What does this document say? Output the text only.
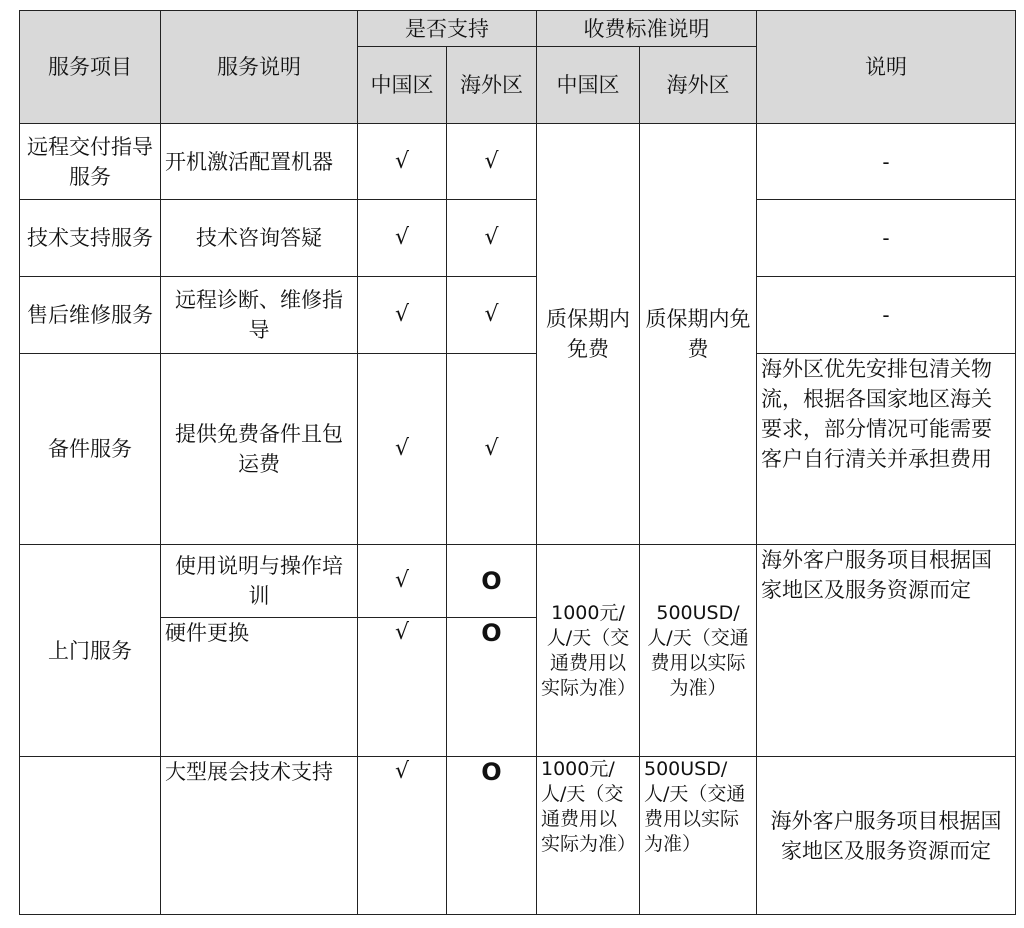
服务项目	服务说明	是否支持		收费标准说明		说明
		中国区	海外区	中国区	海外区	
远程交付指导服务	开机激活配置机器	√	√	质保期内免费	质保期内免费	-
技术支持服务	技术咨询答疑	√	√			-
售后维修服务	远程诊断、维修指导	√	√			-
备件服务	提供免费备件且包运费	√	√			海外区优先安排包清关物流，根据各国家地区海关要求，部分情况可能需要客户自行清关并承担费用
上门服务	使用说明与操作培训	√	O	1000元/人/天（交通费用以实际为准）	500USD/人/天（交通费用以实际为准）	海外客户服务项目根据国家地区及服务资源而定
	硬件更换	√	O			
	大型展会技术支持	√	O	1000元/人/天（交通费用以实际为准）	500USD/人/天（交通费用以实际为准）	海外客户服务项目根据国家地区及服务资源而定
